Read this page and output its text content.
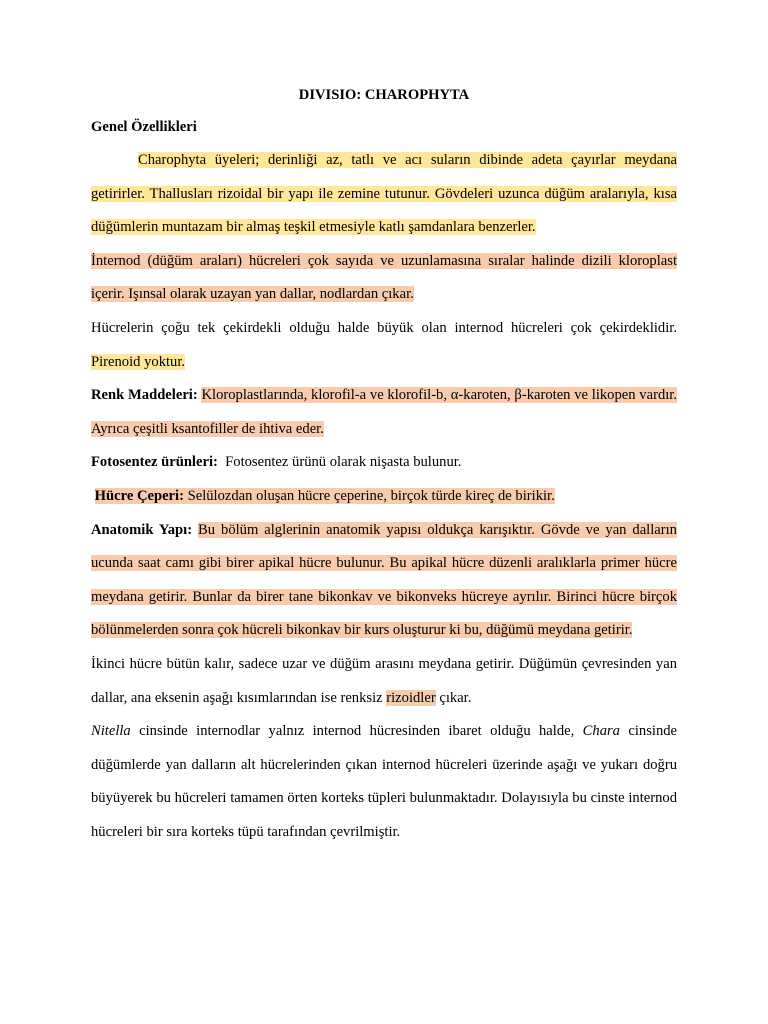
DIVISIO: CHAROPHYTA

Genel Özellikleri

Charophyta üyeleri; derinliği az, tatlı ve acı suların dibinde adeta çayırlar meydana getirirler. Thallusları rizoidal bir yapı ile zemine tutunur. Gövdeleri uzunca düğüm aralarıyla, kısa düğümlerin muntazam bir almaş teşkil etmesiyle katlı şamdanlara benzerler.

İnternod (düğüm araları) hücreleri çok sayıda ve uzunlamasına sıralar halinde dizili kloroplast içerir. Işınsal olarak uzayan yan dallar, nodlardan çıkar.

Hücrelerin çoğu tek çekirdekli olduğu halde büyük olan internod hücreleri çok çekirdeklidir. Pirenoid yoktur.

Renk Maddeleri: Kloroplastlarında, klorofil-a ve klorofil-b, α-karoten, β-karoten ve likopen vardır. Ayrıca çeşitli ksantofiller de ihtiva eder.

Fotosentez ürünleri: Fotosentez ürünü olarak nişasta bulunur.

Hücre Çeperi: Selülozdan oluşan hücre çeperine, birçok türde kireç de birikir.

Anatomik Yapı: Bu bölüm alglerinin anatomik yapısı oldukça karışıktır. Gövde ve yan dalların ucunda saat camı gibi birer apikal hücre bulunur. Bu apikal hücre düzenli aralıklarla primer hücre meydana getirir. Bunlar da birer tane bikonkav ve bikonveks hücreye ayrılır. Birinci hücre birçok bölünmelerden sonra çok hücreli bikonkav bir kurs oluşturur ki bu, düğümü meydana getirir.

İkinci hücre bütün kalır, sadece uzar ve düğüm arasını meydana getirir. Düğümün çevresinden yan dallar, ana eksenin aşağı kısımlarından ise renksiz rizoidler çıkar.

Nitella cinsinde internodlar yalnız internod hücresinden ibaret olduğu halde, Chara cinsinde düğümlerde yan dalların alt hücrelerinden çıkan internod hücreleri üzerinde aşağı ve yukarı doğru büyüyerek bu hücreleri tamamen örten korteks tüpleri bulunmaktadır. Dolayısıyla bu cinste internod hücreleri bir sıra korteks tüpü tarafından çevrilmiştir.
